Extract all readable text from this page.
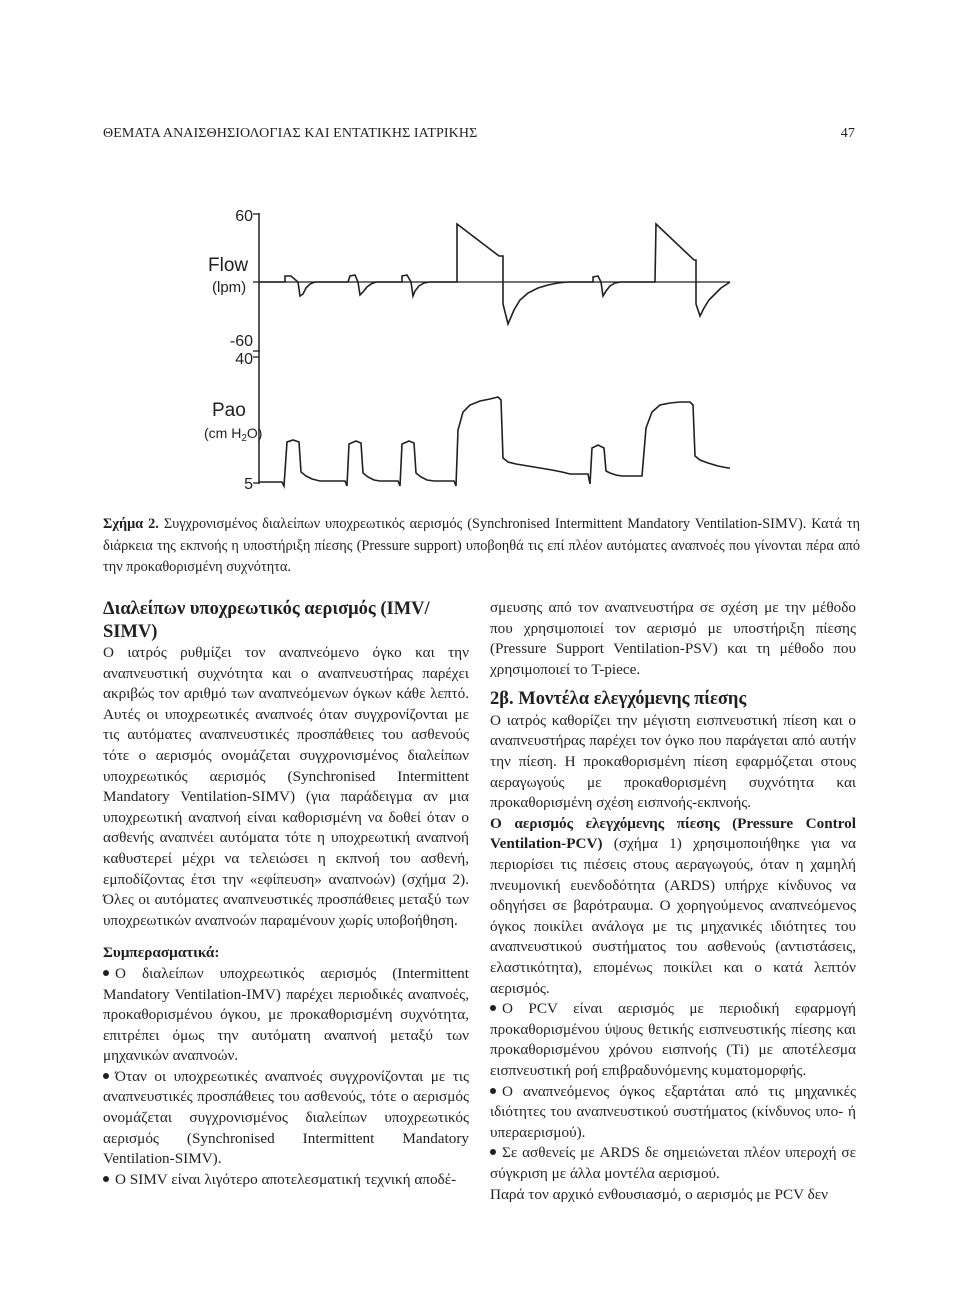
ΘΕΜΑΤΑ ΑΝΑΙΣΘΗΣΙΟΛΟΓΙΑΣ ΚΑΙ ΕΝΤΑΤΙΚΗΣ ΙΑΤΡΙΚΗΣ	47
60
-60
Flow
(lpm)
40
5
Pao
(cm $H_2O$)
Σχήμα 2. Συγχρονισμένος διαλείπων υποχρεωτικός αερισμός (Synchronised Intermittent Mandatory Ventilation-SIMV). Κατά τη διάρκεια της εκπνοής η υποστήριξη πίεσης (Pressure support) υποβοηθά τις επί πλέον αυτόματες αναπνοές που γίνονται πέρα από την προκαθορισμένη συχνότητα.
Διαλείπων υποχρεωτικός αερισμός (IMV/ SIMV)

Ο ιατρός ρυθμίζει τον αναπνεόμενο όγκο και την αναπνευστική συχνότητα και ο αναπνευστήρας παρέχει ακριβώς τον αριθμό των αναπνεόμενων όγκων κάθε λεπτό. Αυτές οι υποχρεωτικές αναπνοές όταν συγχρονίζονται με τις αυτόματες αναπνευστικές προσπάθειες του ασθενούς τότε ο αερισμός ονομάζεται συγχρονισμένος διαλείπων υποχρεωτικός αερισμός (Synchronised Intermittent Mandatory Ventilation-SIMV) (για παράδειγμα αν μια υποχρεωτική αναπνοή είναι καθορισμένη να δοθεί όταν ο ασθενής αναπνέει αυτόματα τότε η υποχρεωτική αναπνοή καθυστερεί μέχρι να τελειώσει η εκπνοή του ασθενή, εμποδίζοντας έτσι την «εφίπευση» αναπνοών) (σχήμα 2). Όλες οι αυτόματες αναπνευστικές προσπάθειες μεταξύ των υποχρεωτικών αναπνοών παραμένουν χωρίς υποβοήθηση.

Συμπερασματικά:

Ο διαλείπων υποχρεωτικός αερισμός (Intermittent Mandatory Ventilation-IMV) παρέχει περιοδικές αναπνοές, προκαθορισμένου όγκου, με προκαθορισμένη συχνότητα, επιτρέπει όμως την αυτόματη αναπνοή μεταξύ των μηχανικών αναπνοών.

Όταν οι υποχρεωτικές αναπνοές συγχρονίζονται με τις αναπνευστικές προσπάθειες του ασθενούς, τότε ο αερισμός ονομάζεται συγχρονισμένος διαλείπων υποχρεωτικός αερισμός (Synchronised Intermittent Mandatory Ventilation-SIMV).

Ο SIMV είναι λιγότερο αποτελεσματική τεχνική αποδέ-

σμευσης από τον αναπνευστήρα σε σχέση με την μέθοδο που χρησιμοποιεί τον αερισμό με υποστήριξη πίεσης (Pressure Support Ventilation-PSV) και τη μέθοδο που χρησιμοποιεί το T-piece.

2β. Μοντέλα ελεγχόμενης πίεσης

Ο ιατρός καθορίζει την μέγιστη εισπνευστική πίεση και ο αναπνευστήρας παρέχει τον όγκο που παράγεται από αυτήν την πίεση. Η προκαθορισμένη πίεση εφαρμόζεται στους αεραγωγούς με προκαθορισμένη συχνότητα και προκαθορισμένη σχέση εισπνοής-εκπνοής.

Ο αερισμός ελεγχόμενης πίεσης (Pressure Control Ventilation-PCV) (σχήμα 1) χρησιμοποιήθηκε για να περιορίσει τις πιέσεις στους αεραγωγούς, όταν η χαμηλή πνευμονική ευενδοδότητα (ARDS) υπήρχε κίνδυνος να οδηγήσει σε βαρότραυμα. Ο χορηγούμενος αναπνεόμενος όγκος ποικίλει ανάλογα με τις μηχανικές ιδιότητες του αναπνευστικού συστήματος του ασθενούς (αντιστάσεις, ελαστικότητα), επομένως ποικίλει και ο κατά λεπτόν αερισμός.

Ο PCV είναι αερισμός με περιοδική εφαρμογή προκαθορισμένου ύψους θετικής εισπνευστικής πίεσης και προκαθορισμένου χρόνου εισπνοής (Ti) με αποτέλεσμα εισπνευστική ροή επιβραδυνόμενης κυματομορφής.

Ο αναπνεόμενος όγκος εξαρτάται από τις μηχανικές ιδιότητες του αναπνευστικού συστήματος (κίνδυνος υπο- ή υπεραερισμού).

Σε ασθενείς με ARDS δε σημειώνεται πλέον υπεροχή σε σύγκριση με άλλα μοντέλα αερισμού.

Παρά τον αρχικό ενθουσιασμό, ο αερισμός με PCV δεν
